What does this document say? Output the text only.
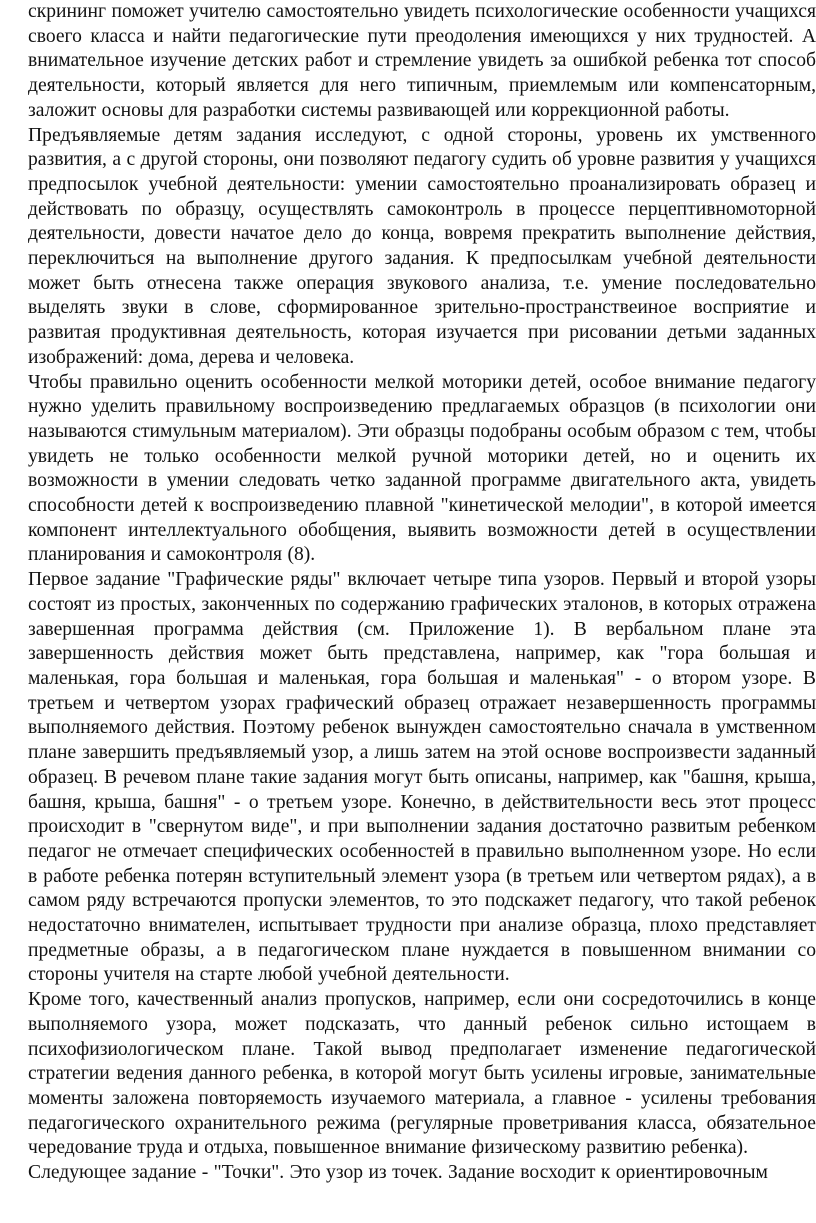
скрининг поможет учителю самостоятельно увидеть психологические особенности учащихся своего класса и найти педагогические пути преодоления имеющихся у них трудностей. А внимательное изучение детских работ и стремление увидеть за ошибкой ребенка тот способ деятельности, который является для него типичным, приемлемым или компенсаторным, заложит основы для разработки системы развивающей или коррекционной работы.

Предъявляемые детям задания исследуют, с одной стороны, уровень их умственного развития, а с другой стороны, они позволяют педагогу судить об уровне развития у учащихся предпосылок учебной деятельности: умении самостоятельно проанализировать образец и действовать по образцу, осуществлять самоконтроль в процессе перцептивномоторной деятельности, довести начатое дело до конца, вовремя прекратить выполнение действия, переключиться на выполнение другого задания. К предпосылкам учебной деятельности может быть отнесена также операция звукового анализа, т.е. умение последовательно выделять звуки в слове, сформированное зрительно-пространствеиное восприятие и развитая продуктивная деятельность, которая изучается при рисовании детьми заданных изображений: дома, дерева и человека.

Чтобы правильно оценить особенности мелкой моторики детей, особое внимание педагогу нужно уделить правильному воспроизведению предлагаемых образцов (в психологии они называются стимульным материалом). Эти образцы подобраны особым образом с тем, чтобы увидеть не только особенности мелкой ручной моторики детей, но и оценить их возможности в умении следовать четко заданной программе двигательного акта, увидеть способности детей к воспроизведению плавной "кинетической мелодии", в которой имеется компонент интеллектуального обобщения, выявить возможности детей в осуществлении планирования и самоконтроля (8).

Первое задание "Графические ряды" включает четыре типа узоров. Первый и второй узоры состоят из простых, законченных по содержанию графических эталонов, в которых отражена завершенная программа действия (см. Приложение 1). В вербальном плане эта завершенность действия может быть представлена, например, как "гора большая и маленькая, гора большая и маленькая, гора большая и маленькая" - о втором узоре. В третьем и четвертом узорах графический образец отражает незавершенность программы выполняемого действия. Поэтому ребенок вынужден самостоятельно сначала в умственном плане завершить предъявляемый узор, а лишь затем на этой основе воспроизвести заданный образец. В речевом плане такие задания могут быть описаны, например, как "башня, крыша, башня, крыша, башня" - о третьем узоре. Конечно, в действительности весь этот процесс происходит в "свернутом виде", и при выполнении задания достаточно развитым ребенком педагог не отмечает специфических особенностей в правильно выполненном узоре. Но если в работе ребенка потерян вступительный элемент узора (в третьем или четвертом рядах), а в самом ряду встречаются пропуски элементов, то это подскажет педагогу, что такой ребенок недостаточно внимателен, испытывает трудности при анализе образца, плохо представляет предметные образы, а в педагогическом плане нуждается в повышенном внимании со стороны учителя на старте любой учебной деятельности.

Кроме того, качественный анализ пропусков, например, если они сосредоточились в конце выполняемого узора, может подсказать, что данный ребенок сильно истощаем в психофизиологическом плане. Такой вывод предполагает изменение педагогической стратегии ведения данного ребенка, в которой могут быть усилены игровые, занимательные моменты заложена повторяемость изучаемого материала, а главное - усилены требования педагогического охранительного режима (регулярные проветривания класса, обязательное чередование труда и отдыха, повышенное внимание физическому развитию ребенка).

Следующее задание - "Точки". Это узор из точек. Задание восходит к ориентировочным
